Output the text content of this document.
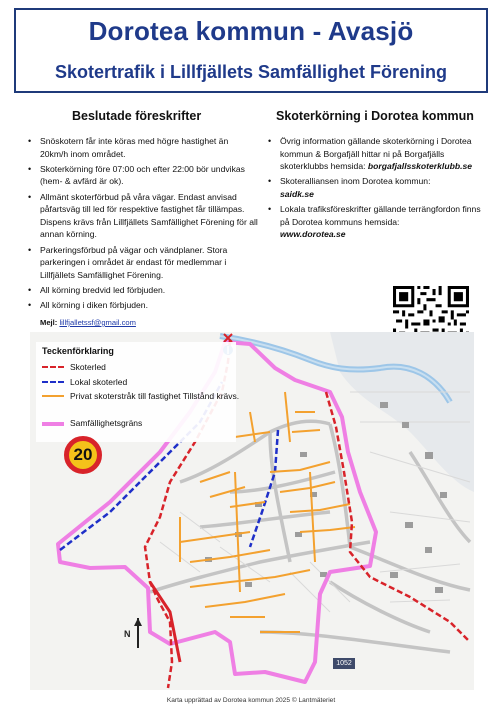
Dorotea kommun - Avasjö
Skotertrafik i Lillfjällets Samfällighet Förening
Beslutade föreskrifter
• Snöskotern får inte köras med högre hastighet än 20km/h inom området.
• Skoterkörning före 07:00 och efter 22:00 bör undvikas (hem- & avfärd är ok).
• Allmänt skoterförbud på våra vägar. Endast anvisad påfartsväg till led för respektive fastighet får tillämpas. Dispens krävs från Lillfjällets Samfällighet Förening för all annan körning.
• Parkeringsförbud på vägar och vändplaner. Stora parkeringen i området är endast för medlemmar i Lillfjällets Samfällighet Förening.
• All körning bredvid led förbjuden.
• All körning i diken förbjuden.
Mejl: lillfjalletssf@gmail.com
Skoterkörning i Dorotea kommun
• Övrig information gällande skoterkörning i Dorotea kommun & Borgafjäll hittar ni på Borgafjälls skoterklubbs hemsida: borgafjallsskoterklubb.se
• Skoteralliansen inom Dorotea kommun:
saidk.se
• Lokala trafiksföreskrifter gällande terrängfordon finns på Dorotea kommuns hemsida:
www.dorotea.se
Teckenförklaring
Skoterled
Lokal skoterled
Privat skoterstråk till fastighet Tillstånd krävs.
Samfällighetsgräns
20
N
1052
Karta upprättad av Dorotea kommun 2025 © Lantmäteriet
